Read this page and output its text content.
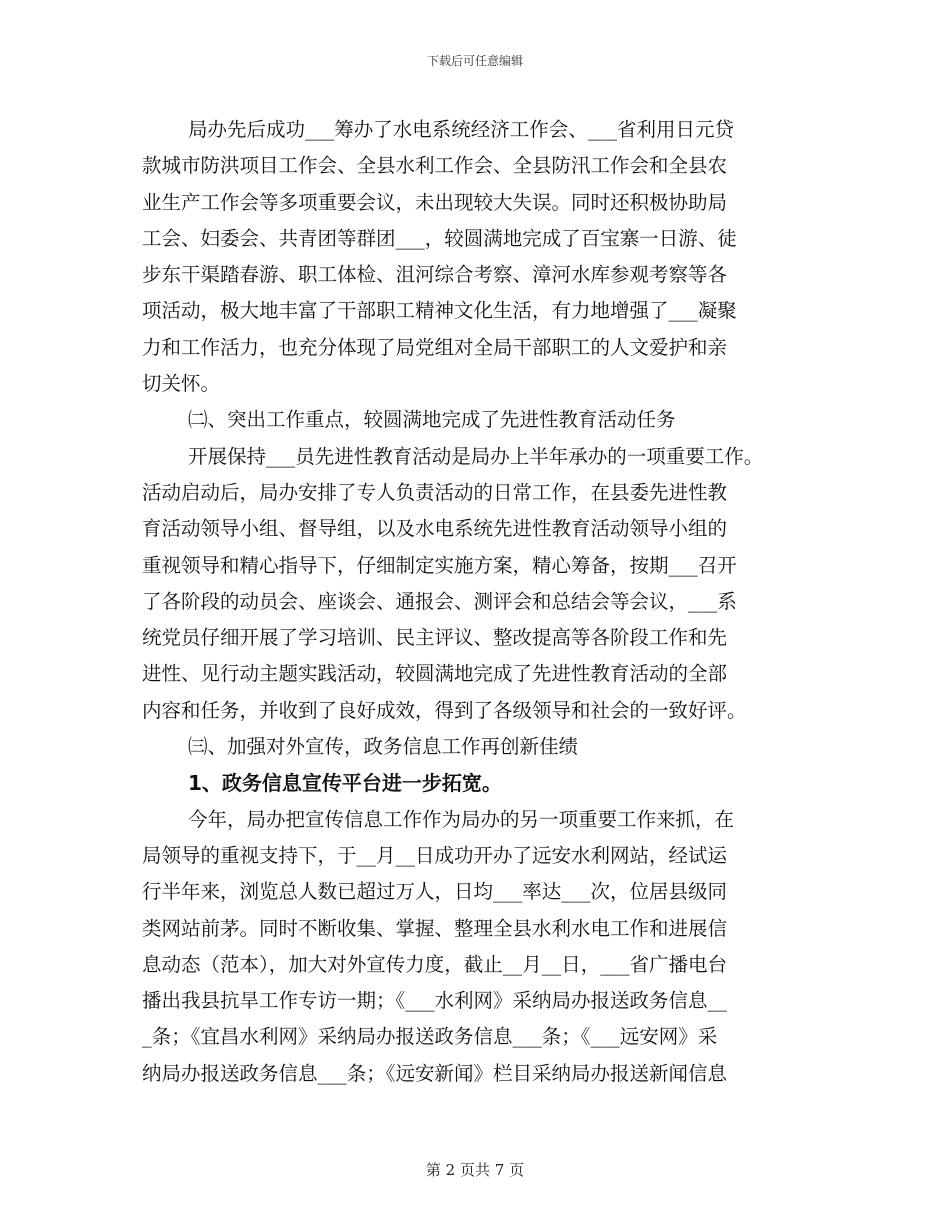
下载后可任意编辑
局办先后成功___筹办了水电系统经济工作会、___省利用日元贷
款城市防洪项目工作会、全县水利工作会、全县防汛工作会和全县农
业生产工作会等多项重要会议，未出现较大失误。同时还积极协助局
工会、妇委会、共青团等群团___，较圆满地完成了百宝寨一日游、徒
步东干渠踏春游、职工体检、沮河综合考察、漳河水库参观考察等各
项活动，极大地丰富了干部职工精神文化生活，有力地增强了___凝聚
力和工作活力，也充分体现了局党组对全局干部职工的人文爱护和亲
切关怀。
㈡、突出工作重点，较圆满地完成了先进性教育活动任务
开展保持___员先进性教育活动是局办上半年承办的一项重要工作。
活动启动后，局办安排了专人负责活动的日常工作，在县委先进性教
育活动领导小组、督导组，以及水电系统先进性教育活动领导小组的
重视领导和精心指导下，仔细制定实施方案，精心筹备，按期___召开
了各阶段的动员会、座谈会、通报会、测评会和总结会等会议，___系
统党员仔细开展了学习培训、民主评议、整改提高等各阶段工作和先
进性、见行动主题实践活动，较圆满地完成了先进性教育活动的全部
内容和任务，并收到了良好成效，得到了各级领导和社会的一致好评。
㈢、加强对外宣传，政务信息工作再创新佳绩
1、政务信息宣传平台进一步拓宽。
今年，局办把宣传信息工作作为局办的另一项重要工作来抓，在
局领导的重视支持下，于__月__日成功开办了远安水利网站，经试运
行半年来，浏览总人数已超过万人，日均___率达___次，位居县级同
类网站前茅。同时不断收集、掌握、整理全县水利水电工作和进展信
息动态（范本），加大对外宣传力度，截止__月__日，___省广播电台
播出我县抗旱工作专访一期；《___水利网》采纳局办报送政务信息__
_条；《宜昌水利网》采纳局办报送政务信息___条；《___远安网》采
纳局办报送政务信息___条；《远安新闻》栏目采纳局办报送新闻信息
第 2 页共 7 页
